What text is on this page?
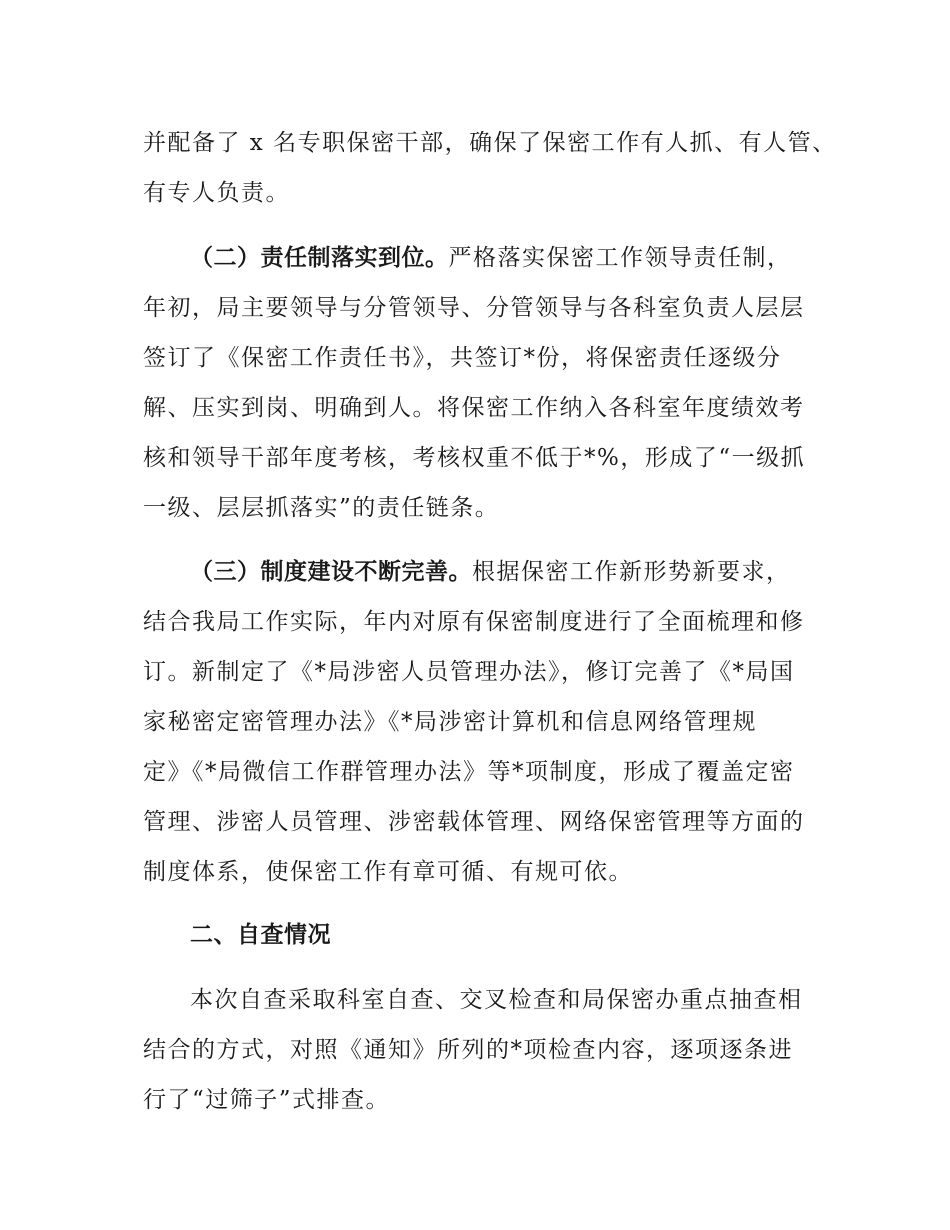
并配备了 x 名专职保密干部，确保了保密工作有人抓、有人管、
有专人负责。
（二）责任制落实到位。严格落实保密工作领导责任制，
年初，局主要领导与分管领导、分管领导与各科室负责人层层
签订了《保密工作责任书》，共签订*份，将保密责任逐级分
解、压实到岗、明确到人。将保密工作纳入各科室年度绩效考
核和领导干部年度考核，考核权重不低于*%，形成了“一级抓
一级、层层抓落实”的责任链条。
（三）制度建设不断完善。根据保密工作新形势新要求，
结合我局工作实际，年内对原有保密制度进行了全面梳理和修
订。新制定了《*局涉密人员管理办法》，修订完善了《*局国
家秘密定密管理办法》《*局涉密计算机和信息网络管理规
定》《*局微信工作群管理办法》等*项制度，形成了覆盖定密
管理、涉密人员管理、涉密载体管理、网络保密管理等方面的
制度体系，使保密工作有章可循、有规可依。
二、自查情况
本次自查采取科室自查、交叉检查和局保密办重点抽查相
结合的方式，对照《通知》所列的*项检查内容，逐项逐条进
行了“过筛子”式排查。
